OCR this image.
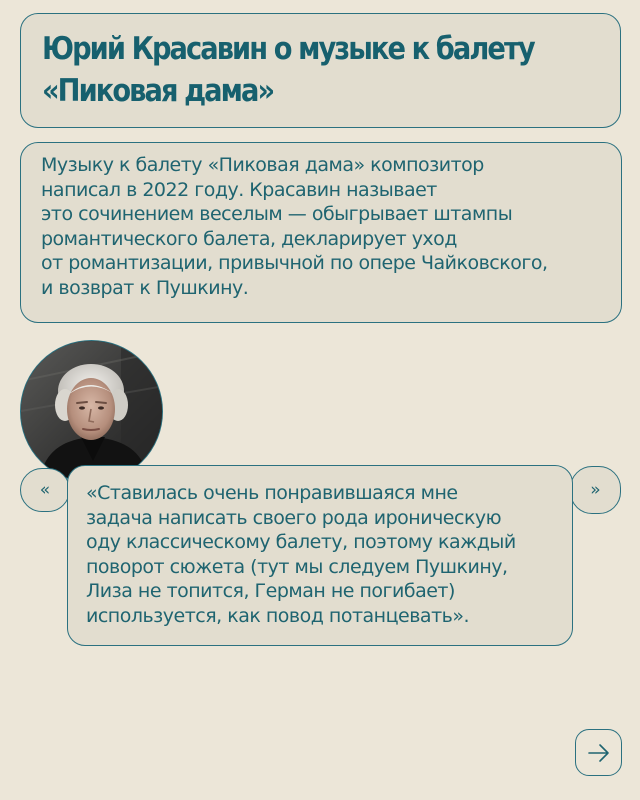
Юрий Красавин о музыке к балету
«Пиковая дама»
Музыку к балету «Пиковая дама» композитор
написал в 2022 году. Красавин называет
это сочинением веселым — обыгрывает штампы
романтического балета, декларирует уход
от романтизации, привычной по опере Чайковского,
и возврат к Пушкину.
«	»
«Ставилась очень понравившаяся мне
задача написать своего рода ироническую
оду классическому балету, поэтому каждый
поворот сюжета (тут мы следуем Пушкину,
Лиза не топится, Герман не погибает)
используется, как повод потанцевать».
